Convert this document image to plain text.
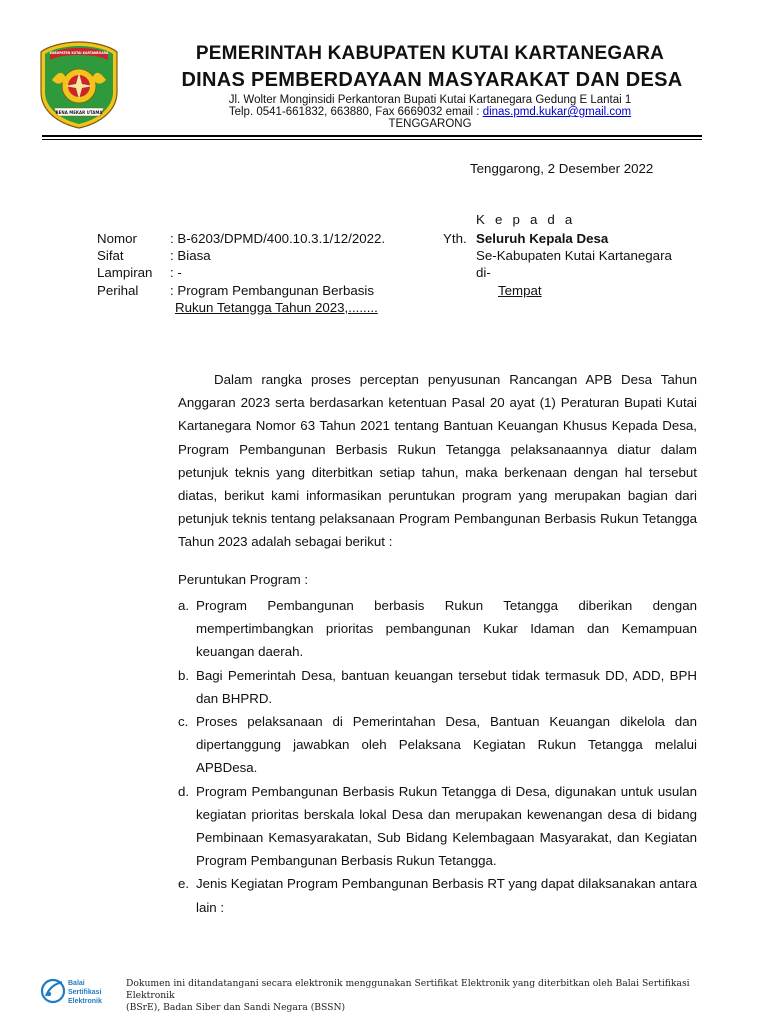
KABUPATEN KUTAI KARTANEGARA
RENA MEKAR UTAMA
PEMERINTAH KABUPATEN KUTAI KARTANEGARA
DINAS PEMBERDAYAAN MASYARAKAT DAN DESA
Jl. Wolter Monginsidi Perkantoran Bupati Kutai Kartanegara Gedung E Lantai 1
Telp. 0541-661832, 663880, Fax 6669032 email : dinas.pmd.kukar@gmail.com
TENGGARONG
Tenggarong, 2 Desember 2022
K e p a d a
Yth. Seluruh Kepala Desa
Se-Kabupaten Kutai Kartanegara
di-
Tempat
Nomor	: B-6203/DPMD/400.10.3.1/12/2022.
Sifat	: Biasa
Lampiran	: -
Perihal	: Program Pembangunan Berbasis
Rukun Tetangga Tahun 2023,........

Dalam rangka proses perceptan penyusunan Rancangan APB Desa Tahun Anggaran 2023 serta berdasarkan ketentuan Pasal 20 ayat (1) Peraturan Bupati Kutai Kartanegara Nomor 63 Tahun 2021 tentang Bantuan Keuangan Khusus Kepada Desa, Program Pembangunan Berbasis Rukun Tetangga pelaksanaannya diatur dalam petunjuk teknis yang diterbitkan setiap tahun, maka berkenaan dengan hal tersebut diatas, berikut kami informasikan peruntukan program yang merupakan bagian dari petunjuk teknis tentang pelaksanaan Program Pembangunan Berbasis Rukun Tetangga Tahun 2023 adalah sebagai berikut :

Peruntukan Program :
a. Program Pembangunan berbasis Rukun Tetangga diberikan dengan mempertimbangkan prioritas pembangunan Kukar Idaman dan Kemampuan keuangan daerah.
b. Bagi Pemerintah Desa, bantuan keuangan tersebut tidak termasuk DD, ADD, BPH dan BHPRD.
c. Proses pelaksanaan di Pemerintahan Desa, Bantuan Keuangan dikelola dan dipertanggung jawabkan oleh Pelaksana Kegiatan Rukun Tetangga melalui APBDesa.
d. Program Pembangunan Berbasis Rukun Tetangga di Desa, digunakan untuk usulan kegiatan prioritas berskala lokal Desa dan merupakan kewenangan desa di bidang Pembinaan Kemasyarakatan, Sub Bidang Kelembagaan Masyarakat, dan Kegiatan Program Pembangunan Berbasis Rukun Tetangga.
e. Jenis Kegiatan Program Pembangunan Berbasis RT yang dapat dilaksanakan antara lain :
Balai
Sertifikasi
Elektronik
Dokumen ini ditandatangani secara elektronik menggunakan Sertifikat Elektronik yang diterbitkan oleh Balai Sertifikasi Elektronik
(BSrE), Badan Siber dan Sandi Negara (BSSN)
